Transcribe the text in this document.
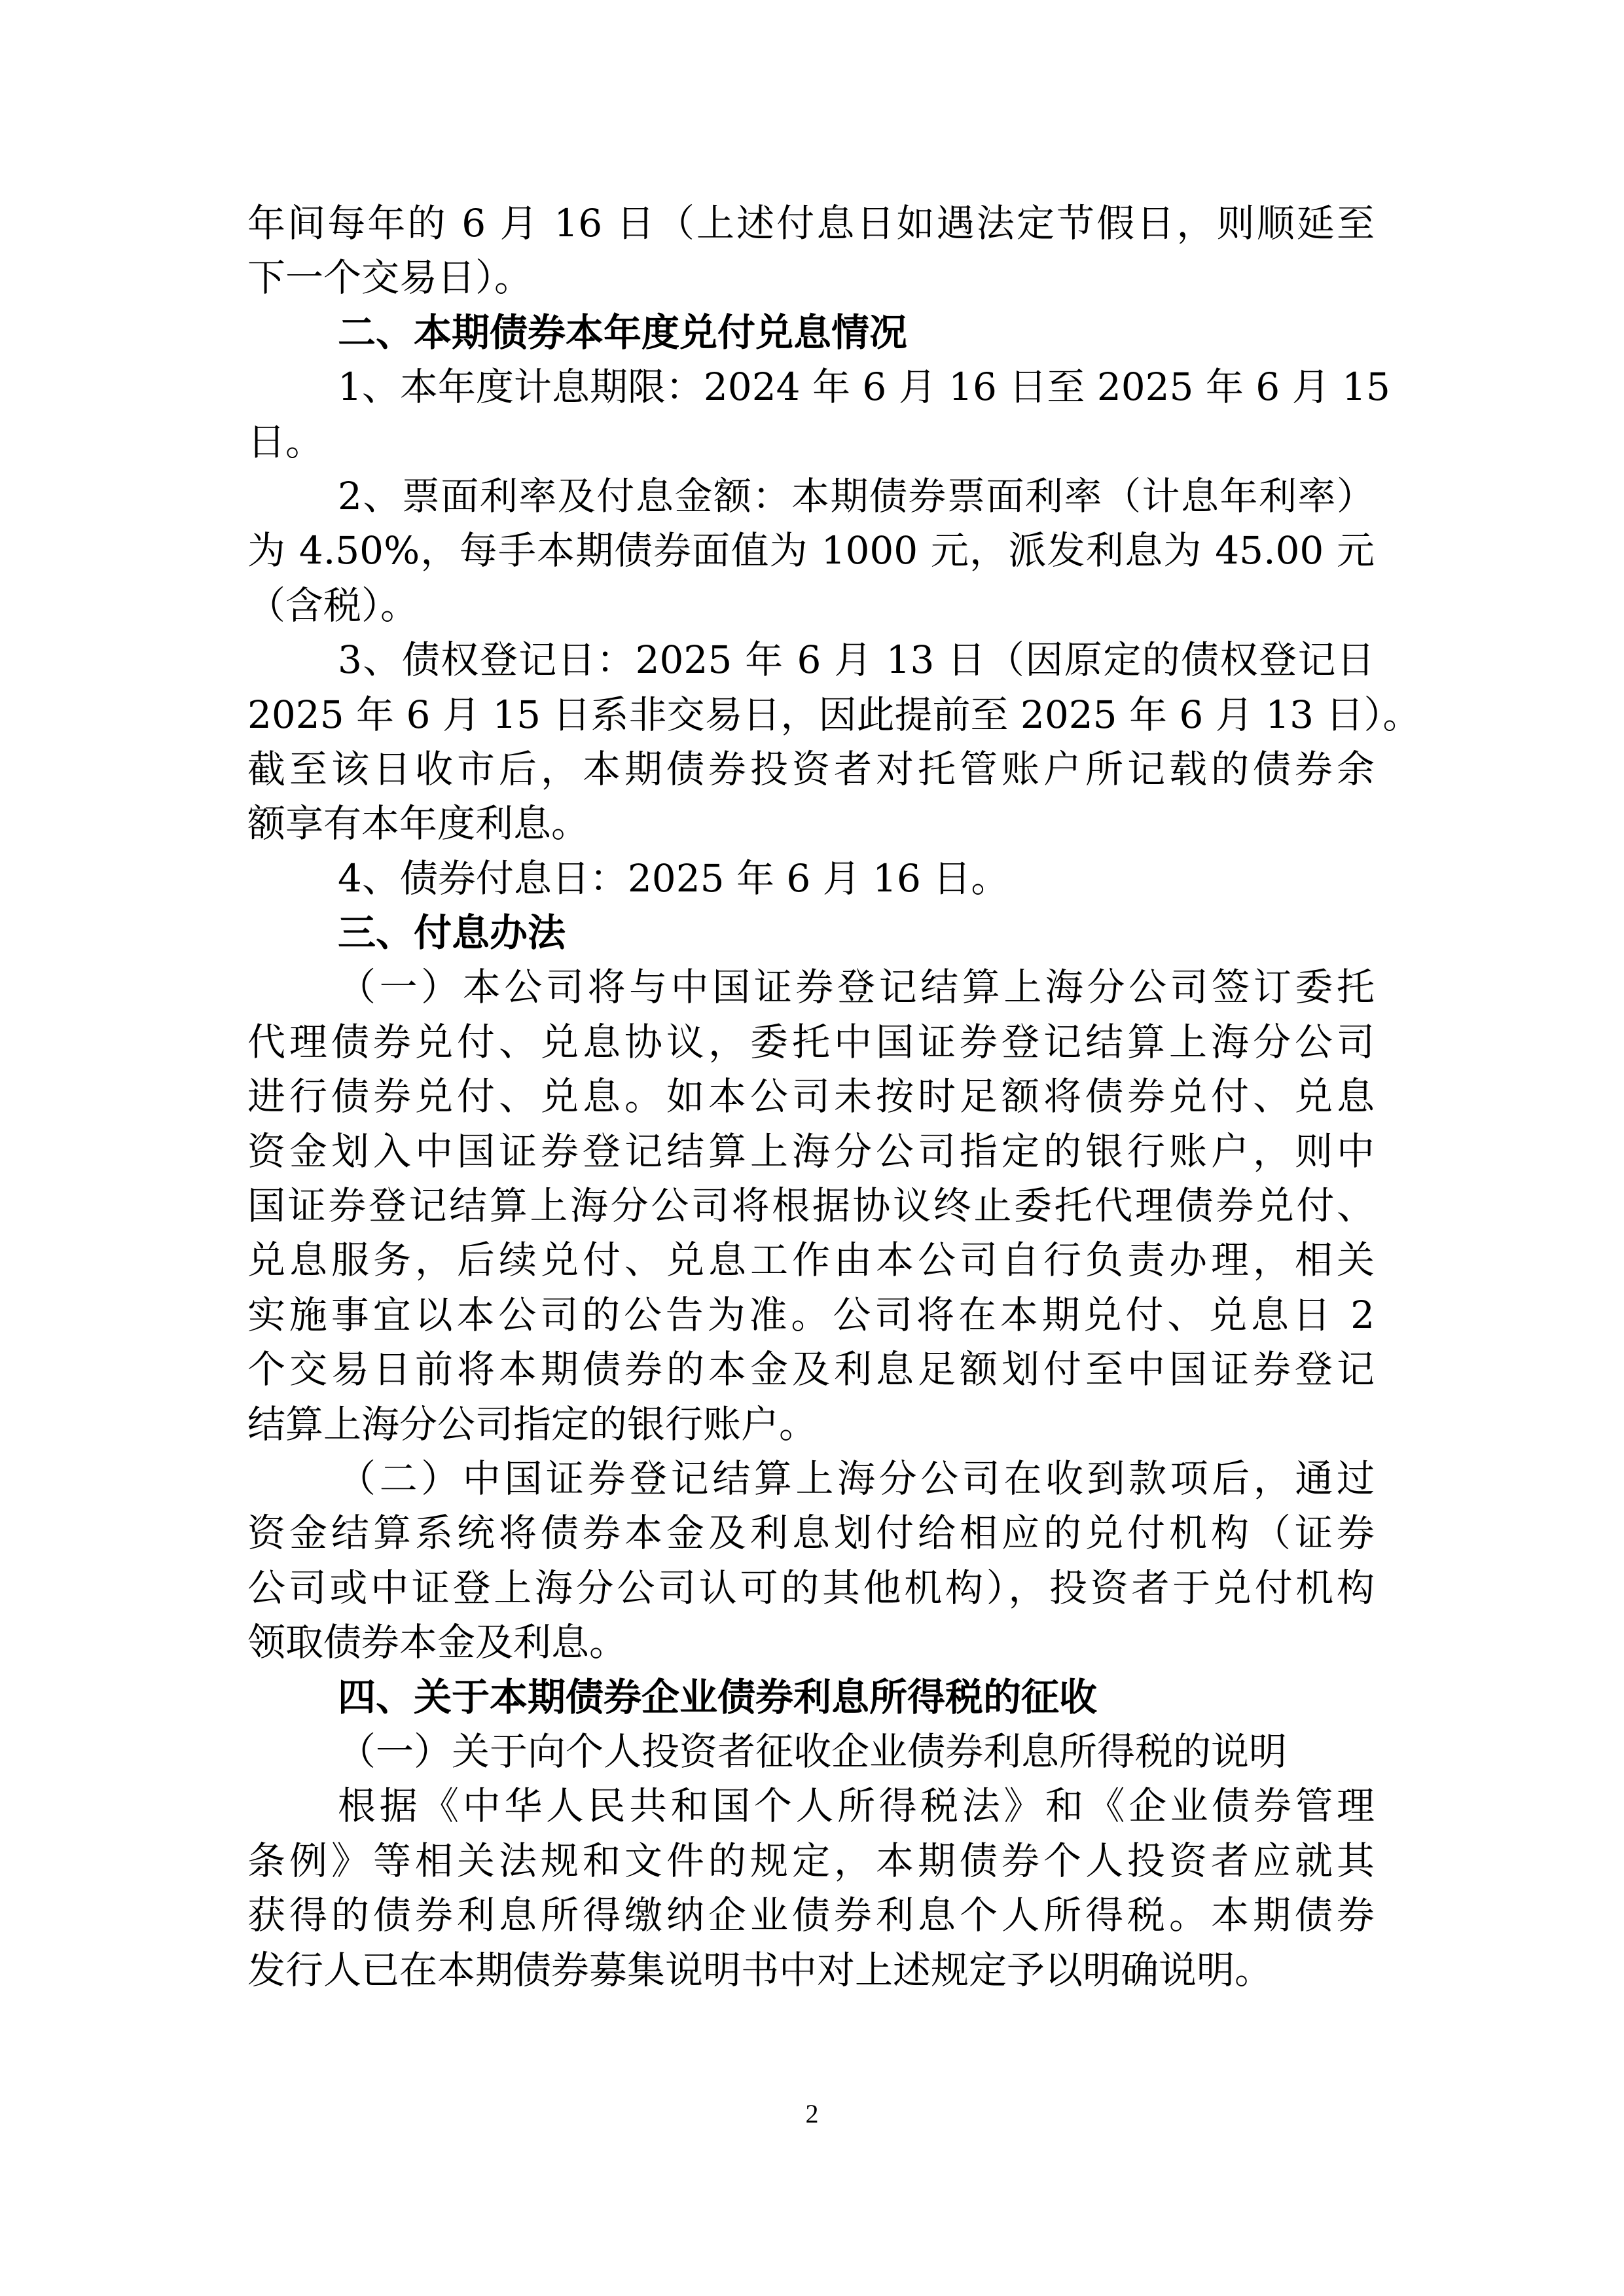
年间每年的 6 月 16 日（上述付息日如遇法定节假日，则顺延至
下一个交易日）。
二、本期债券本年度兑付兑息情况
1、本年度计息期限：2024 年 6 月 16 日至 2025 年 6 月 15
日。
2、票面利率及付息金额：本期债券票面利率（计息年利率）
为 4.50%，每手本期债券面值为 1000 元，派发利息为 45.00 元
（含税）。
3、债权登记日：2025 年 6 月 13 日（因原定的债权登记日
2025 年 6 月 15 日系非交易日，因此提前至 2025 年 6 月 13 日）。
截至该日收市后，本期债券投资者对托管账户所记载的债券余
额享有本年度利息。
4、债券付息日：2025 年 6 月 16 日。
三、付息办法
（一）本公司将与中国证券登记结算上海分公司签订委托
代理债券兑付、兑息协议，委托中国证券登记结算上海分公司
进行债券兑付、兑息。如本公司未按时足额将债券兑付、兑息
资金划入中国证券登记结算上海分公司指定的银行账户，则中
国证券登记结算上海分公司将根据协议终止委托代理债券兑付、
兑息服务，后续兑付、兑息工作由本公司自行负责办理，相关
实施事宜以本公司的公告为准。公司将在本期兑付、兑息日 2
个交易日前将本期债券的本金及利息足额划付至中国证券登记
结算上海分公司指定的银行账户。
（二）中国证券登记结算上海分公司在收到款项后，通过
资金结算系统将债券本金及利息划付给相应的兑付机构（证券
公司或中证登上海分公司认可的其他机构），投资者于兑付机构
领取债券本金及利息。
四、关于本期债券企业债券利息所得税的征收
（一）关于向个人投资者征收企业债券利息所得税的说明
根据《中华人民共和国个人所得税法》和《企业债券管理
条例》等相关法规和文件的规定，本期债券个人投资者应就其
获得的债券利息所得缴纳企业债券利息个人所得税。本期债券
发行人已在本期债券募集说明书中对上述规定予以明确说明。
2
